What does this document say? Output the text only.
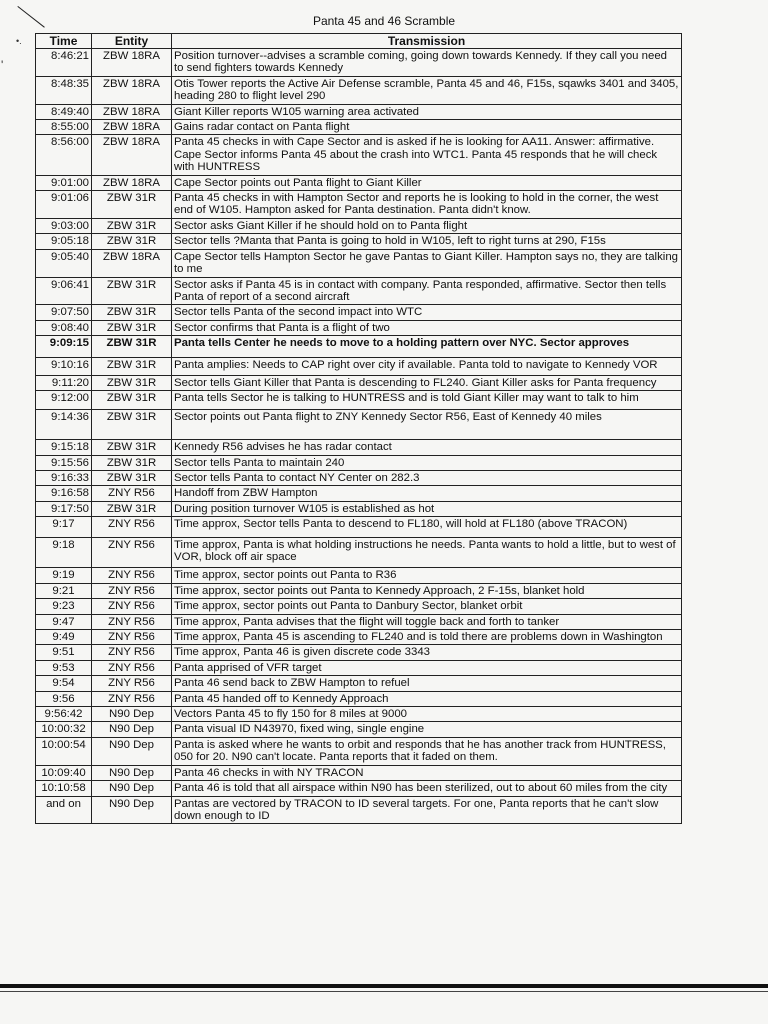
•.
'
Panta 45 and 46 Scramble
Time	Entity	Transmission
8:46:21	ZBW 18RA	Position turnover--advises a scramble coming, going down towards Kennedy. If they call you need to send fighters towards Kennedy
8:48:35	ZBW 18RA	Otis Tower reports the Active Air Defense scramble, Panta 45 and 46, F15s, sqawks 3401 and 3405, heading 280 to flight level 290
8:49:40	ZBW 18RA	Giant Killer reports W105 warning area activated
8:55:00	ZBW 18RA	Gains radar contact on Panta flight
8:56:00	ZBW 18RA	Panta 45 checks in with Cape Sector and is asked if he is looking for AA11. Answer: affirmative. Cape Sector informs Panta 45 about the crash into WTC1. Panta 45 responds that he will check with HUNTRESS
9:01:00	ZBW 18RA	Cape Sector points out Panta flight to Giant Killer
9:01:06	ZBW 31R	Panta 45 checks in with Hampton Sector and reports he is looking to hold in the corner, the west end of W105. Hampton asked for Panta destination. Panta didn't know.
9:03:00	ZBW 31R	Sector asks Giant Killer if he should hold on to Panta flight
9:05:18	ZBW 31R	Sector tells ?Manta that Panta is going to hold in W105, left to right turns at 290, F15s
9:05:40	ZBW 18RA	Cape Sector tells Hampton Sector he gave Pantas to Giant Killer. Hampton says no, they are talking to me
9:06:41	ZBW 31R	Sector asks if Panta 45 is in contact with company. Panta responded, affirmative. Sector then tells Panta of report of a second aircraft
9:07:50	ZBW 31R	Sector tells Panta of the second impact into WTC
9:08:40	ZBW 31R	Sector confirms that Panta is a flight of two
9:09:15	ZBW 31R	Panta tells Center he needs to move to a holding pattern over NYC. Sector approves
9:10:16	ZBW 31R	Panta amplies: Needs to CAP right over city if available. Panta told to navigate to Kennedy VOR
9:11:20	ZBW 31R	Sector tells Giant Killer that Panta is descending to FL240. Giant Killer asks for Panta frequency
9:12:00	ZBW 31R	Panta tells Sector he is talking to HUNTRESS and is told Giant Killer may want to talk to him
9:14:36	ZBW 31R	Sector points out Panta flight to ZNY Kennedy Sector R56, East of Kennedy 40 miles
9:15:18	ZBW 31R	Kennedy R56 advises he has radar contact
9:15:56	ZBW 31R	Sector tells Panta to maintain 240
9:16:33	ZBW 31R	Sector tells Panta to contact NY Center on 282.3
9:16:58	ZNY R56	Handoff from ZBW Hampton
9:17:50	ZBW 31R	During position turnover W105 is established as hot
9:17	ZNY R56	Time approx, Sector tells Panta to descend to FL180, will hold at FL180 (above TRACON)
9:18	ZNY R56	Time approx, Panta is what holding instructions he needs. Panta wants to hold a little, but to west of VOR, block off air space
9:19	ZNY R56	Time approx, sector points out Panta to R36
9:21	ZNY R56	Time approx, sector points out Panta to Kennedy Approach, 2 F-15s, blanket hold
9:23	ZNY R56	Time approx, sector points out Panta to Danbury Sector, blanket orbit
9:47	ZNY R56	Time approx, Panta advises that the flight will toggle back and forth to tanker
9:49	ZNY R56	Time approx, Panta 45 is ascending to FL240 and is told there are problems down in Washington
9:51	ZNY R56	Time approx, Panta 46 is given discrete code 3343
9:53	ZNY R56	Panta apprised of VFR target
9:54	ZNY R56	Panta 46 send back to ZBW Hampton to refuel
9:56	ZNY R56	Panta 45 handed off to Kennedy Approach
9:56:42	N90 Dep	Vectors Panta 45 to fly 150 for 8 miles at 9000
10:00:32	N90 Dep	Panta visual ID N43970, fixed wing, single engine
10:00:54	N90 Dep	Panta is asked where he wants to orbit and responds that he has another track from HUNTRESS, 050 for 20. N90 can't locate. Panta reports that it faded on them.
10:09:40	N90 Dep	Panta 46 checks in with NY TRACON
10:10:58	N90 Dep	Panta 46 is told that all airspace within N90 has been sterilized, out to about 60 miles from the city
and on	N90 Dep	Pantas are vectored by TRACON to ID several targets. For one, Panta reports that he can't slow down enough to ID
